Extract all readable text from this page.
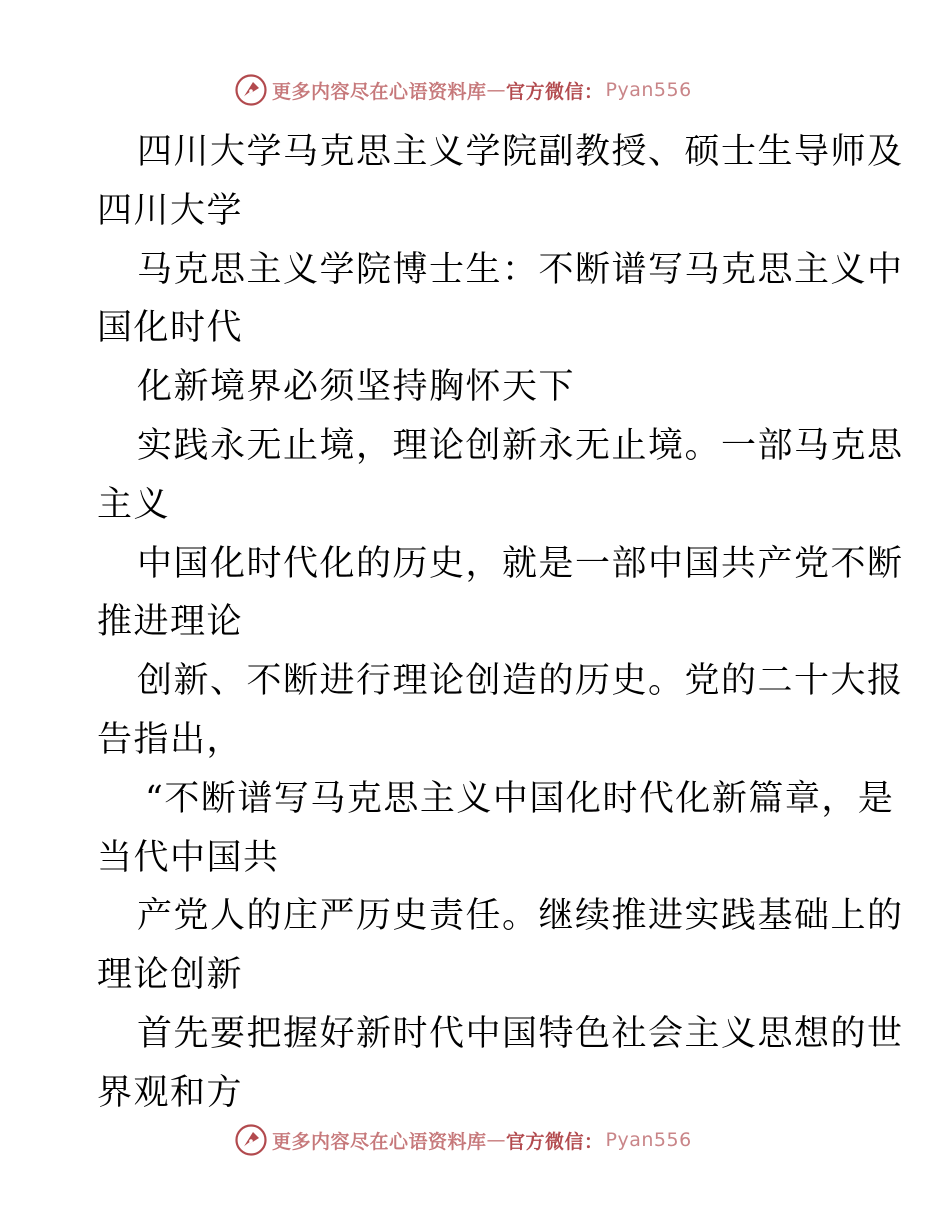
更多内容尽在心语资料库 — 官方微信： Pyan556
四川大学马克思主义学院副教授、硕士生导师及
四川大学
马克思主义学院博士生：不断谱写马克思主义中
国化时代
化新境界必须坚持胸怀天下
实践永无止境，理论创新永无止境。一部马克思
主义
中国化时代化的历史，就是一部中国共产党不断
推进理论
创新、不断进行理论创造的历史。党的二十大报
告指出，
“不断谱写马克思主义中国化时代化新篇章，是
当代中国共
产党人的庄严历史责任。继续推进实践基础上的
理论创新
首先要把握好新时代中国特色社会主义思想的世
界观和方
更多内容尽在心语资料库 — 官方微信： Pyan556
